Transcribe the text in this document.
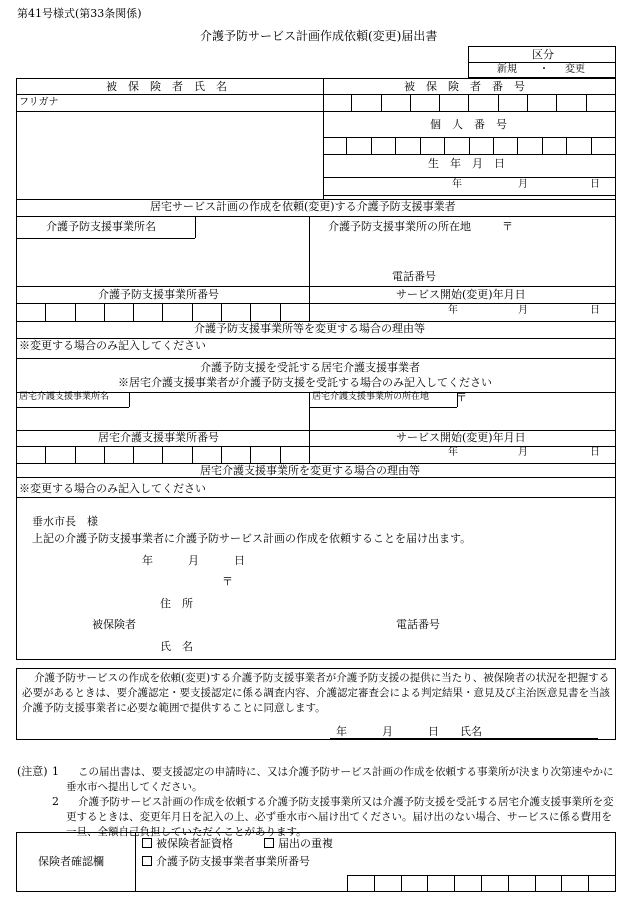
第41号様式(第33条関係)
介護予防サービス計画作成依頼(変更)届出書
区分
新規 ・ 変更
被　保　険　者　氏　名	被　保　険　者　番　号
フリガナ
個　人　番　号
生　年　月　日
年	月	日
居宅サービス計画の作成を依頼(変更)する介護予防支援事業者
介護予防支援事業所名	介護予防支援事業所の所在地	〒
電話番号
介護予防支援事業所番号	サービス開始(変更)年月日
年	月	日
介護予防支援事業所等を変更する場合の理由等
※変更する場合のみ記入してください
介護予防支援を受託する居宅介護支援事業者
※居宅介護支援事業者が介護予防支援を受託する場合のみ記入してください
居宅介護支援事業所名	居宅介護支援事業所の所在地 〒
居宅介護支援事業所番号	サービス開始(変更)年月日
年	月	日
居宅介護支援事業所を変更する場合の理由等
※変更する場合のみ記入してください
垂水市長　様
上記の介護予防支援事業者に介護予防サービス計画の作成を依頼することを届け出ます。
年	月	日
〒
住　所
被保険者	電話番号
氏　名
介護予防サービスの作成を依頼(変更)する介護予防支援事業者が介護予防支援の提供に当たり、被保険者の状況を把握する必要があるときは、要介護認定・要支援認定に係る調査内容、介護認定審査会による判定結果・意見及び主治医意見書を当該介護予防支援事業者に必要な範囲で提供することに同意します。
年	月	日 氏名
(注意) 1	この届出書は、要支援認定の申請時に、又は介護予防サービス計画の作成を依頼する事業所が決まり次第速やかに垂水市へ提出してください。
2	介護予防サービス計画の作成を依頼する介護予防支援事業所又は介護予防支援を受託する居宅介護支援事業所を変更するときは、変更年月日を記入の上、必ず垂水市へ届け出てください。届け出のない場合、サービスに係る費用を一旦、全額自己負担していただくことがあります。
保険者確認欄
被保険者証資格	届出の重複
介護予防支援事業者事業所番号
